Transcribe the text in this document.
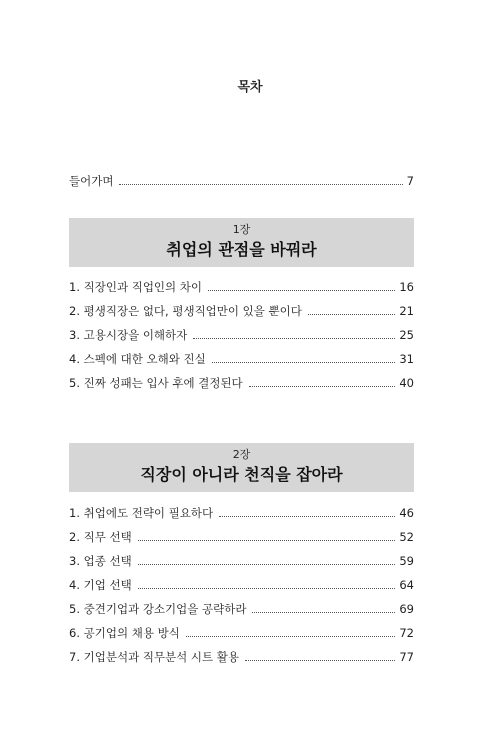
목차
들어가며	7
1장
취업의 관점을 바꿔라
1. 직장인과 직업인의 차이	16
2. 평생직장은 없다, 평생직업만이 있을 뿐이다	21
3. 고용시장을 이해하자	25
4. 스펙에 대한 오해와 진실	31
5. 진짜 성패는 입사 후에 결정된다	40
2장
직장이 아니라 천직을 잡아라
1. 취업에도 전략이 필요하다	46
2. 직무 선택	52
3. 업종 선택	59
4. 기업 선택	64
5. 중견기업과 강소기업을 공략하라	69
6. 공기업의 채용 방식	72
7. 기업분석과 직무분석 시트 활용	77
